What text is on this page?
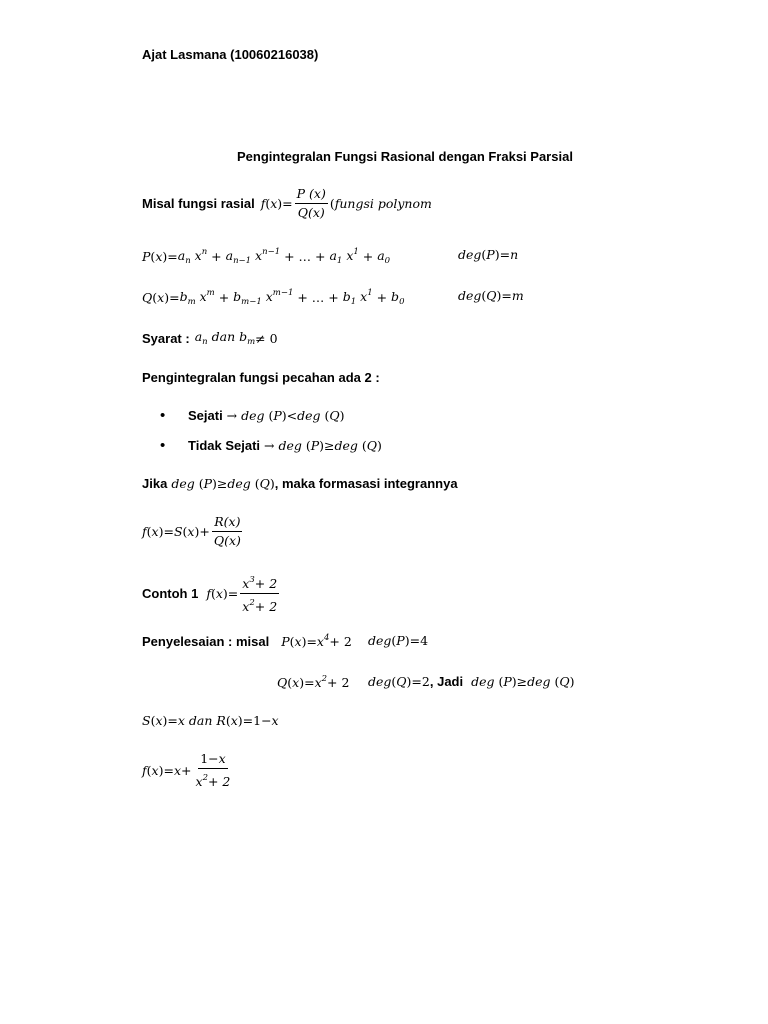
Ajat Lasmana (10060216038)
Pengintegralan Fungsi Rasional dengan Fraksi Parsial
Misal fungsi rasial f ( x )= $\frac{P (x)}{Q(x)}$ ( fungsi polynom
P ( x )= $a_n$ $x^n + a_{n-1}$ $x^{n-1}$ + … + $a_1$ $x^1 + a_0$	deg ( P )= n
Q ( x )= $b_m$ $x^m + b_{m-1}$ $x^{m-1}$ + … + $b_1$ $x^1 + b_0$	deg ( Q )= m
Syarat : $a_n$ dan $b_m \ne 0$
Pengintegralan fungsi pecahan ada 2 :
• Sejati → deg ( P )< deg ( Q )
• Tidak Sejati → deg ( P )≥ deg ( Q )
Jika deg ( P )≥ deg ( Q ) , maka formasasi integrannya
f ( x )= S ( x )+ $\frac{R(x)}{Q(x)}$
Contoh 1 f ( x )= $\frac{x^3+ 2}{x^2+ 2}$
Penyelesaian : misal P ( x )= $x^4 + 2$ deg ( P )=4
Q ( x )= $x^2 + 2$ deg ( Q )=2 , Jadi deg ( P )≥ deg ( Q )
S ( x )= x dan R ( x )=1− x
f ( x )= $x + \frac{1-x}{x^2+ 2}$
